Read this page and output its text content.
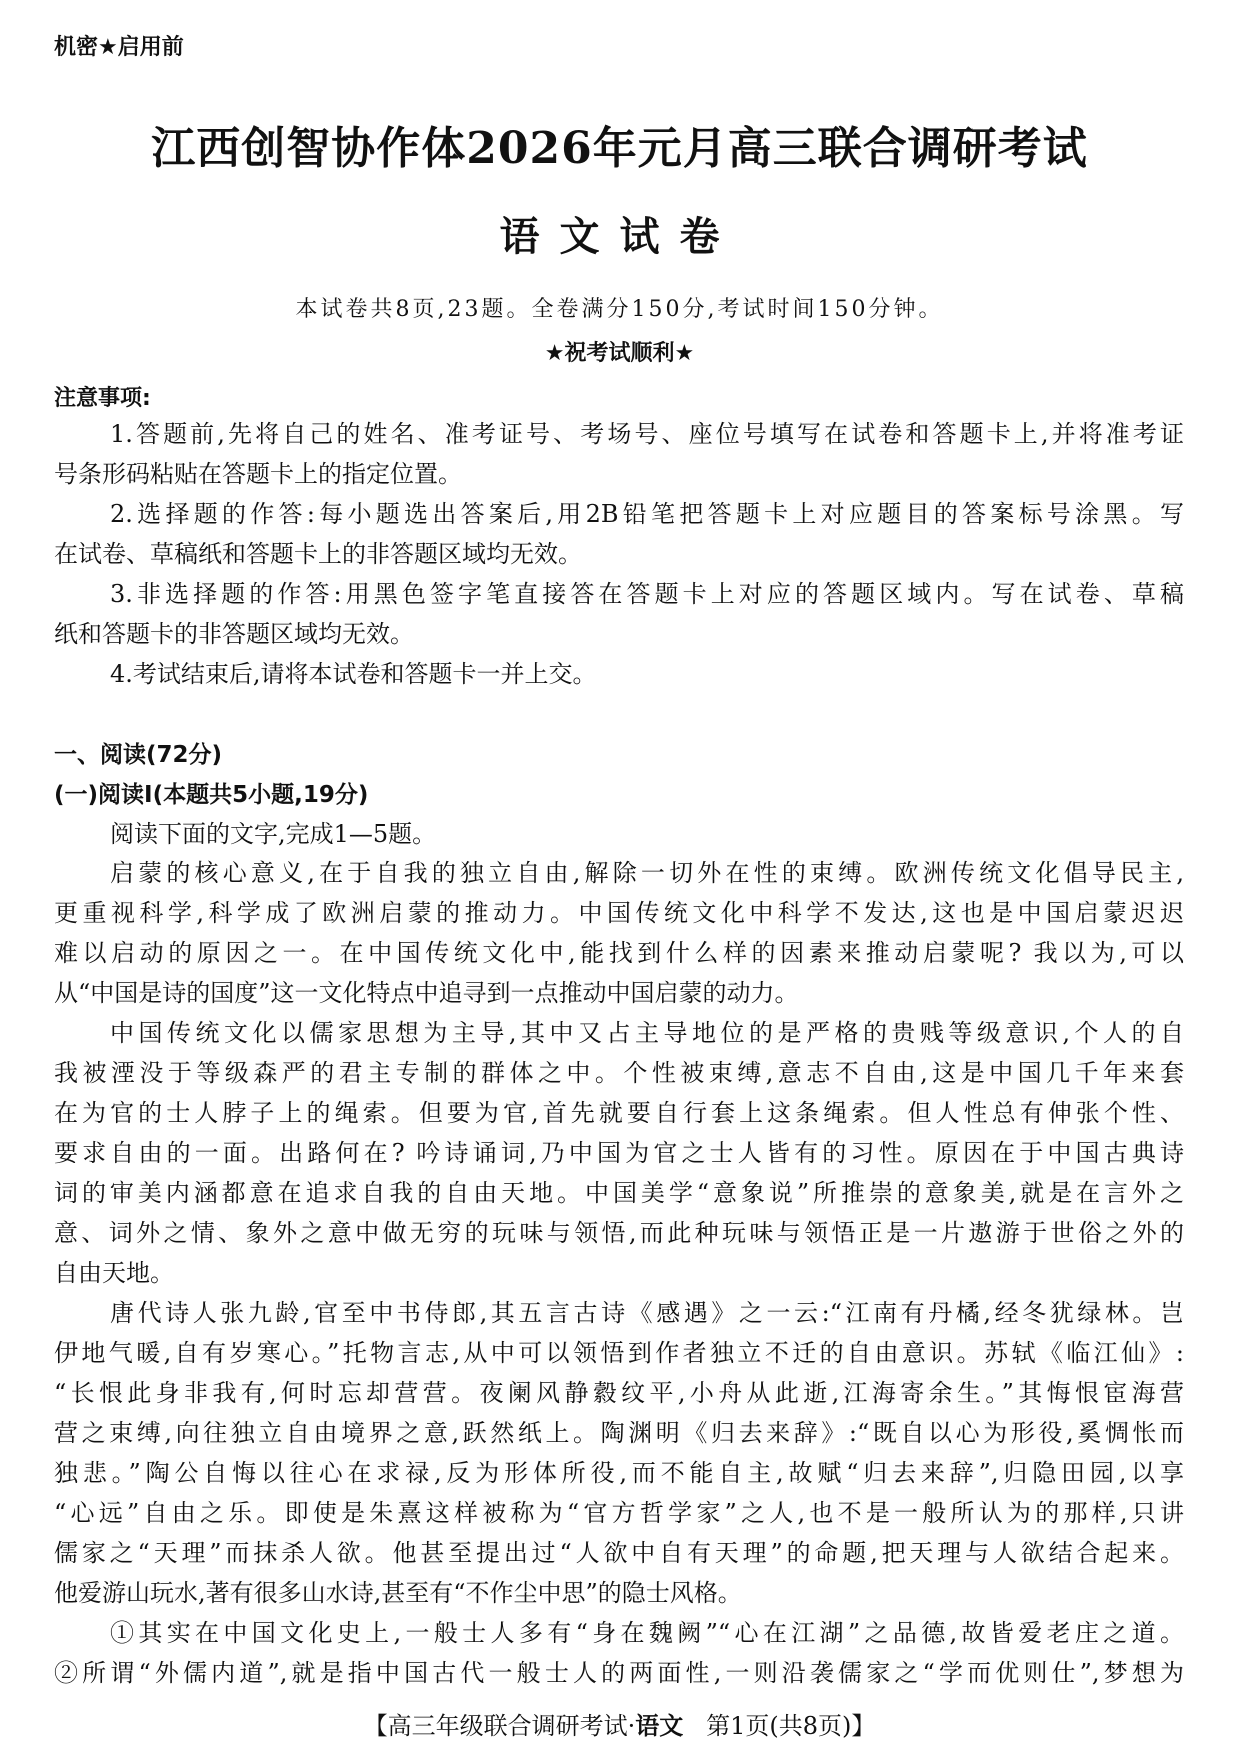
机密★启用前
江西创智协作体2026年元月高三联合调研考试
语文试卷
本试卷共8页,23题。全卷满分150分,考试时间150分钟。
★祝考试顺利★
注意事项:
1.答题前,先将自己的姓名、准考证号、考场号、座位号填写在试卷和答题卡上,并将准考证
号条形码粘贴在答题卡上的指定位置。
2.选择题的作答:每小题选出答案后,用2B铅笔把答题卡上对应题目的答案标号涂黑。写
在试卷、草稿纸和答题卡上的非答题区域均无效。
3.非选择题的作答:用黑色签字笔直接答在答题卡上对应的答题区域内。写在试卷、草稿
纸和答题卡的非答题区域均无效。
4.考试结束后,请将本试卷和答题卡一并上交。
一、阅读(72分)
(一)阅读Ⅰ(本题共5小题,19分)
阅读下面的文字,完成1—5题。
启蒙的核心意义,在于自我的独立自由,解除一切外在性的束缚。欧洲传统文化倡导民主,
更重视科学,科学成了欧洲启蒙的推动力。中国传统文化中科学不发达,这也是中国启蒙迟迟
难以启动的原因之一。在中国传统文化中,能找到什么样的因素来推动启蒙呢? 我以为,可以
从“中国是诗的国度”这一文化特点中追寻到一点推动中国启蒙的动力。
中国传统文化以儒家思想为主导,其中又占主导地位的是严格的贵贱等级意识,个人的自
我被湮没于等级森严的君主专制的群体之中。个性被束缚,意志不自由,这是中国几千年来套
在为官的士人脖子上的绳索。但要为官,首先就要自行套上这条绳索。但人性总有伸张个性、
要求自由的一面。出路何在? 吟诗诵词,乃中国为官之士人皆有的习性。原因在于中国古典诗
词的审美内涵都意在追求自我的自由天地。中国美学“意象说”所推崇的意象美,就是在言外之
意、词外之情、象外之意中做无穷的玩味与领悟,而此种玩味与领悟正是一片遨游于世俗之外的
自由天地。
唐代诗人张九龄,官至中书侍郎,其五言古诗《感遇》之一云:“江南有丹橘,经冬犹绿林。岂
伊地气暖,自有岁寒心。”托物言志,从中可以领悟到作者独立不迁的自由意识。苏轼《临江仙》:
“长恨此身非我有,何时忘却营营。夜阑风静縠纹平,小舟从此逝,江海寄余生。”其悔恨宦海营
营之束缚,向往独立自由境界之意,跃然纸上。陶渊明《归去来辞》:“既自以心为形役,奚惆怅而
独悲。”陶公自悔以往心在求禄,反为形体所役,而不能自主,故赋“归去来辞”,归隐田园,以享
“心远”自由之乐。即使是朱熹这样被称为“官方哲学家”之人,也不是一般所认为的那样,只讲
儒家之“天理”而抹杀人欲。他甚至提出过“人欲中自有天理”的命题,把天理与人欲结合起来。
他爱游山玩水,著有很多山水诗,甚至有“不作尘中思”的隐士风格。
①其实在中国文化史上,一般士人多有“身在魏阙”“心在江湖”之品德,故皆爱老庄之道。
②所谓“外儒内道”,就是指中国古代一般士人的两面性,一则沿袭儒家之“学而优则仕”,梦想为
【高三年级联合调研考试·语文 第1页(共8页)】
